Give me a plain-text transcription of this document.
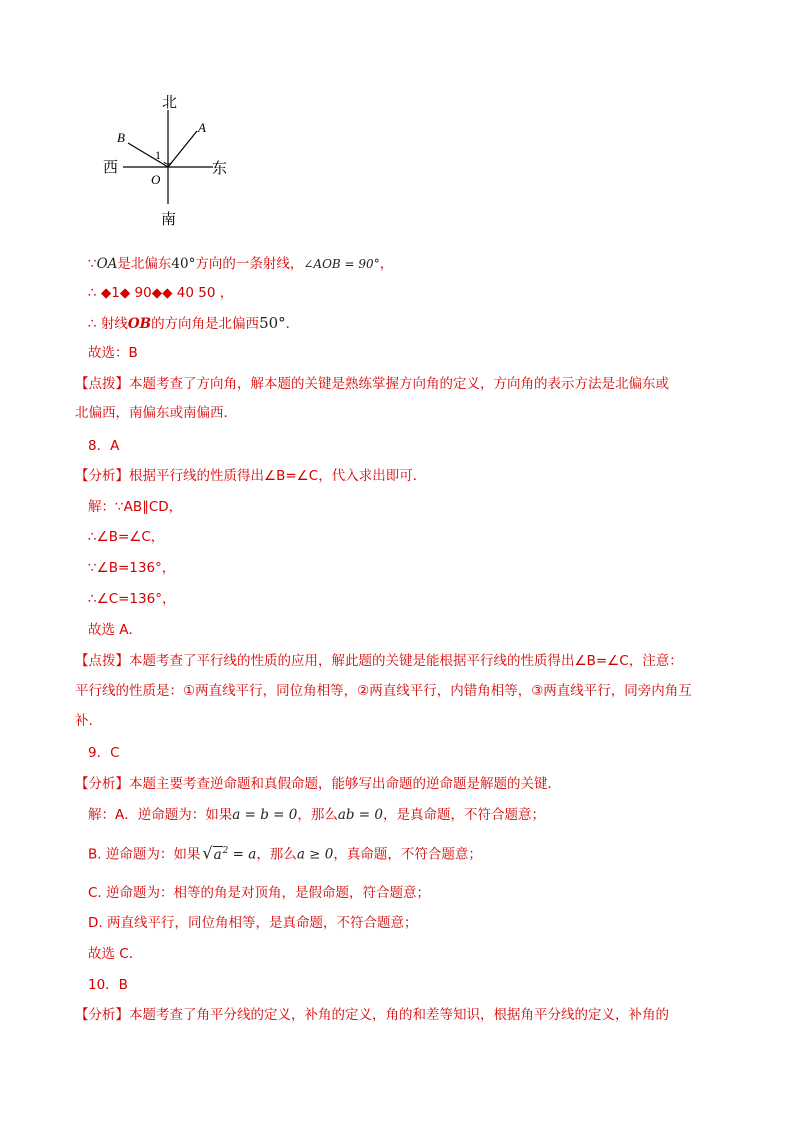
北
南
西	东
A
B
O
1
∵OA是北偏东40°方向的一条射线，∠AOB = 90°，
∴ ◆1◆ 90◆◆ 40 50 ，
∴ 射线OB的方向角是北偏西50°．
故选：B
【点拨】本题考查了方向角，解本题的关键是熟练掌握方向角的定义，方向角的表示方法是北偏东或
北偏西，南偏东或南偏西．
8．A
【分析】根据平行线的性质得出∠B=∠C，代入求出即可．
解：∵AB∥CD，
∴∠B=∠C，
∵∠B=136°，
∴∠C=136°，
故选 A．
【点拨】本题考查了平行线的性质的应用，解此题的关键是能根据平行线的性质得出∠B=∠C，注意：
平行线的性质是：①两直线平行，同位角相等，②两直线平行，内错角相等，③两直线平行，同旁内角互
补.
9．C
【分析】本题主要考查逆命题和真假命题，能够写出命题的逆命题是解题的关键．
解：A．逆命题为：如果a = b = 0，那么ab = 0，是真命题，不符合题意；
B. 逆命题为：如果 $√a^2 = a$，那么a ≥ 0，真命题，不符合题意；
C. 逆命题为：相等的角是对顶角，是假命题，符合题意；
D. 两直线平行，同位角相等，是真命题，不符合题意；
故选 C．
10．B
【分析】本题考查了角平分线的定义，补角的定义，角的和差等知识，根据角平分线的定义，补角的
